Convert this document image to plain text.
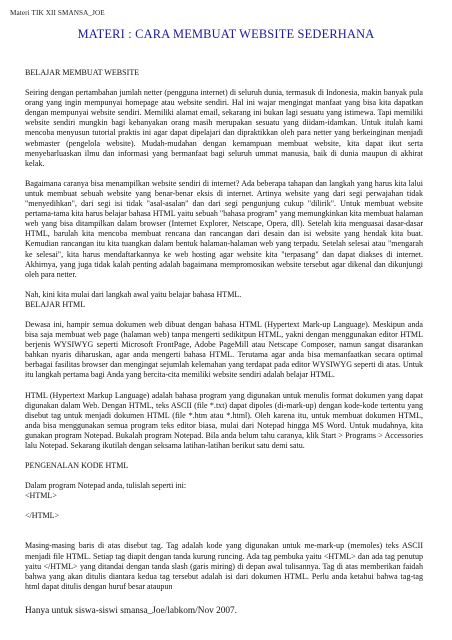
Materi TIK XII SMANSA_JOE
MATERI : CARA MEMBUAT WEBSITE SEDERHANA

BELAJAR MEMBUAT WEBSITE

Seiring dengan pertambahan jumlah netter (pengguna internet) di seluruh dunia, termasuk di Indonesia, makin banyak pula orang yang ingin mempunyai homepage atau website sendiri. Hal ini wajar mengingat manfaat yang bisa kita dapatkan dengan mempunyai website sendiri. Memiliki alamat email, sekarang ini bukan lagi sesuatu yang istimewa. Tapi memiliki website sendiri mungkin bagi kebanyakan orang masih merupakan sesuatu yang diidam-idamkan. Untuk itulah kami mencoba menyusun tutorial praktis ini agar dapat dipelajari dan dipraktikkan oleh para netter yang berkeinginan menjadi webmaster (pengelola website). Mudah-mudahan dengan kemampuan membuat website, kita dapat ikut serta menyebarluaskan ilmu dan informasi yang bermanfaat bagi seluruh ummat manusia, baik di dunia maupun di akhirat kelak.

Bagaimana caranya bisa menampilkan website sendiri di internet? Ada beberapa tahapan dan langkah yang harus kita lalui untuk membuat sebuah website yang benar-benar eksis di internet. Artinya website yang dari segi perwajahan tidak "menyedihkan", dari segi isi tidak "asal-asalan" dan dari segi pengunjung cukup "dilirik". Untuk membuat website pertama-tama kita harus belajar bahasa HTML yaitu sebuah "bahasa program" yang memungkinkan kita membuat halaman web yang bisa ditampilkan dalam browser (Internet Explorer, Netscape, Opera, dll). Setelah kita menguasai dasar-dasar HTML, barulah kita mencoba membuat rencana dan rancangan dari desain dan isi website yang hendak kita buat. Kemudian rancangan itu kita tuangkan dalam bentuk halaman-halaman web yang terpadu. Setelah selesai atau "mengarah ke selesai", kita harus mendaftarkannya ke web hosting agar website kita "terpasang" dan dapat diakses di internet. Akhirnya, yang juga tidak kalah penting adalah bagaimana mempromosikan website tersebut agar dikenal dan dikunjungi oleh para netter.

Nah, kini kita mulai dari langkah awal yaitu belajar bahasa HTML.

BELAJAR HTML

Dewasa ini, hampir semua dokumen web dibuat dengan bahasa HTML (Hypertext Mark-up Language). Meskipun anda bisa saja membuat web page (halaman web) tanpa mengerti sedikitpun HTML, yakni dengan menggunakan editor HTML berjenis WYSIWYG seperti Microsoft FrontPage, Adobe PageMill atau Netscape Composer, namun sangat disarankan bahkan nyaris diharuskan, agar anda mengerti bahasa HTML. Terutama agar anda bisa memanfaatkan secara optimal berbagai fasilitas browser dan mengingat sejumlah kelemahan yang terdapat pada editor WYSIWYG seperti di atas. Untuk itu langkah pertama bagi Anda yang bercita-cita memiliki website sendiri adalah belajar HTML.

HTML (Hypertext Markup Language) adalah bahasa program yang digunakan untuk menulis format dokumen yang dapat digunakan dalam Web. Dengan HTML, teks ASCII (file *.txt) dapat dipoles (di-mark-up) dengan kode-kode tertentu yang disebut tag untuk menjadi dokumen HTML (file *.htm atau *.html). Oleh karena itu, untuk membuat dokumen HTML, anda bisa menggunakan semua program teks editor biasa, mulai dari Notepad hingga MS Word. Untuk mudahnya, kita gunakan program Notepad. Bukalah program Notepad. Bila anda belum tahu caranya, klik Start > Programs > Accessories lalu Notepad. Sekarang ikutilah dengan seksama latihan-latihan berikut satu demi satu.

PENGENALAN KODE HTML

Dalam program Notepad anda, tulislah seperti ini:

<HTML>

</HTML>

Masing-masing baris di atas disebut tag. Tag adalah kode yang digunakan untuk me-mark-up (memoles) teks ASCII menjadi file HTML. Setiap tag diapit dengan tanda kurung runcing. Ada tag pembuka yaitu <HTML> dan ada tag penutup yaitu </HTML> yang ditandai dengan tanda slash (garis miring) di depan awal tulisannya. Tag di atas memberikan faidah bahwa yang akan ditulis diantara kedua tag tersebut adalah isi dari dokumen HTML. Perlu anda ketahui bahwa tag-tag html dapat ditulis dengan huruf besar ataupun

Hanya untuk siswa-siswi smansa_Joe/labkom/Nov 2007.
